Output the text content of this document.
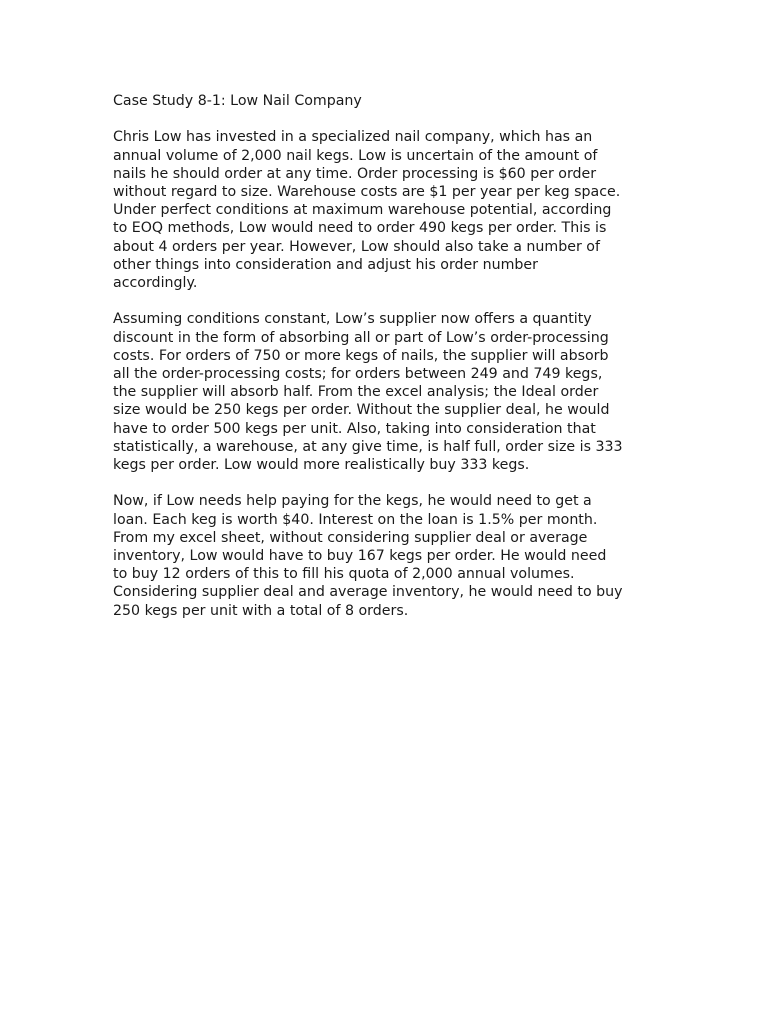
Case Study 8-1: Low Nail Company
Chris Low has invested in a specialized nail company, which has an
annual volume of 2,000 nail kegs. Low is uncertain of the amount of
nails he should order at any time. Order processing is $60 per order
without regard to size. Warehouse costs are $1 per year per keg space.
Under perfect conditions at maximum warehouse potential, according
to EOQ methods, Low would need to order 490 kegs per order. This is
about 4 orders per year. However, Low should also take a number of
other things into consideration and adjust his order number
accordingly.
Assuming conditions constant, Low’s supplier now offers a quantity
discount in the form of absorbing all or part of Low’s order-processing
costs. For orders of 750 or more kegs of nails, the supplier will absorb
all the order-processing costs; for orders between 249 and 749 kegs,
the supplier will absorb half. From the excel analysis; the Ideal order
size would be 250 kegs per order. Without the supplier deal, he would
have to order 500 kegs per unit. Also, taking into consideration that
statistically, a warehouse, at any give time, is half full, order size is 333
kegs per order. Low would more realistically buy 333 kegs.
Now, if Low needs help paying for the kegs, he would need to get a
loan. Each keg is worth $40. Interest on the loan is 1.5% per month.
From my excel sheet, without considering supplier deal or average
inventory, Low would have to buy 167 kegs per order. He would need
to buy 12 orders of this to fill his quota of 2,000 annual volumes.
Considering supplier deal and average inventory, he would need to buy
250 kegs per unit with a total of 8 orders.
